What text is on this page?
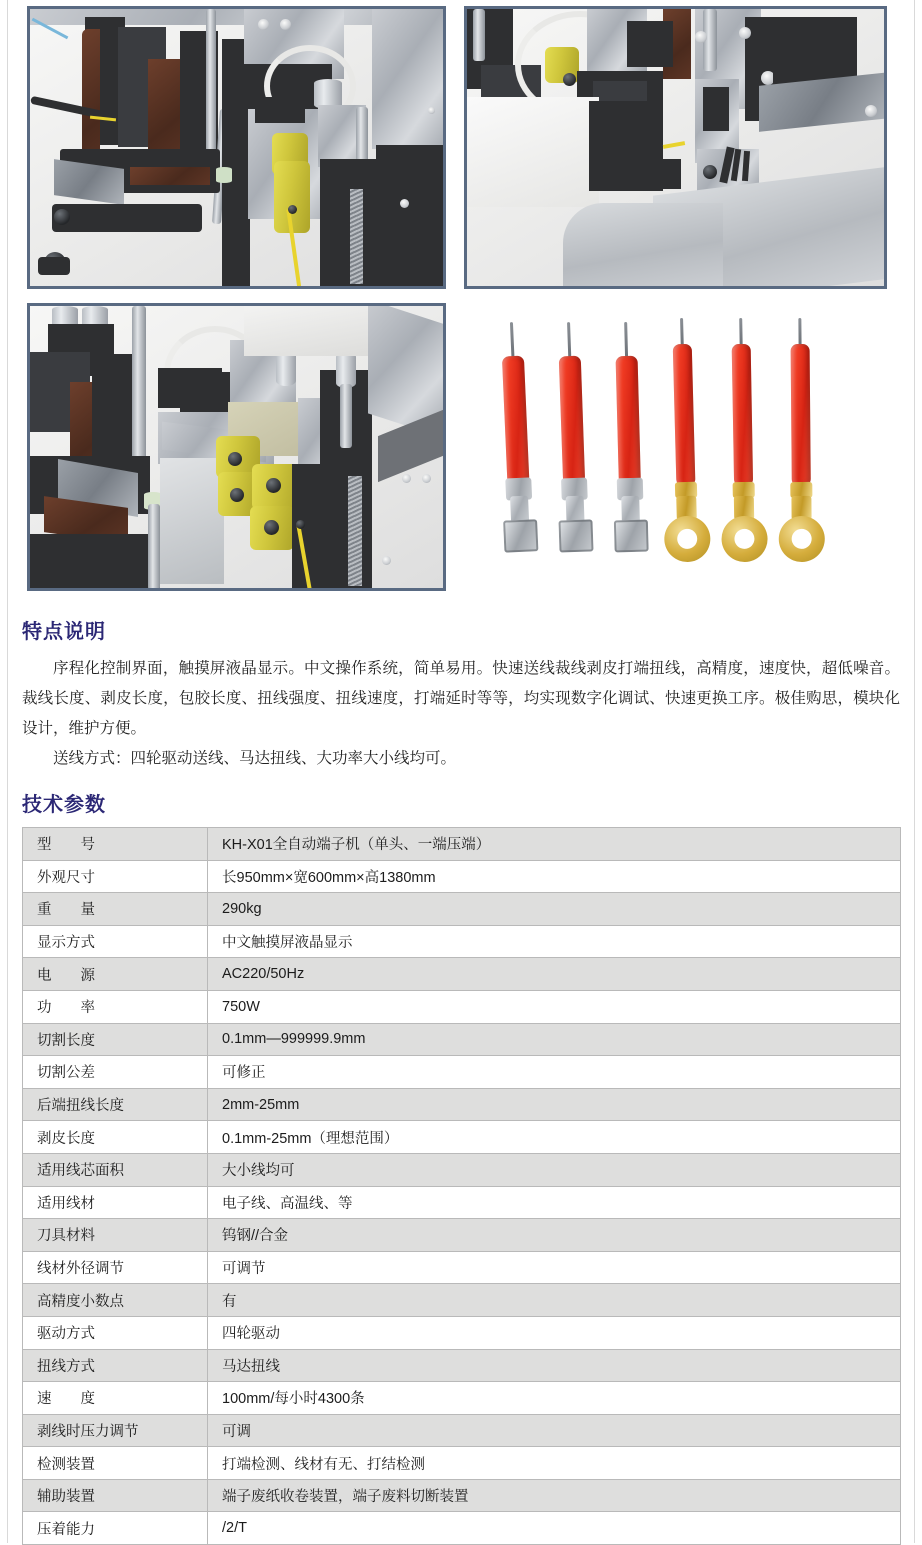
特点说明

序程化控制界面，触摸屏液晶显示。中文操作系统，简单易用。快速送线裁线剥皮打端扭线，高精度，速度快，超低噪音。 裁线长度、剥皮长度，包胶长度、扭线强度、扭线速度，打端延时等等，均实现数字化调试、快速更换工序。极佳购思，模块化设计，维护方便。

送线方式：四轮驱动送线、马达扭线、大功率大小线均可。

技术参数
型　　号	KH-X01全自动端子机（单头、一端压端）
外观尺寸	长950mm×宽600mm×高1380mm
重　　量	290kg
显示方式	中文触摸屏液晶显示
电　　源	AC220/50Hz
功　　率	750W
切割长度	0.1mm—999999.9mm
切割公差	可修正
后端扭线长度	2mm-25mm
剥皮长度	0.1mm-25mm（理想范围）
适用线芯面积	大小线均可
适用线材	电子线、高温线、等
刀具材料	钨钢//合金
线材外径调节	可调节
高精度小数点	有
驱动方式	四轮驱动
扭线方式	马达扭线
速　　度	100mm/每小时4300条
剥线时压力调节	可调
检测装置	打端检测、线材有无、打结检测
辅助装置	端子废纸收卷装置，端子废料切断装置
压着能力	/2/T
